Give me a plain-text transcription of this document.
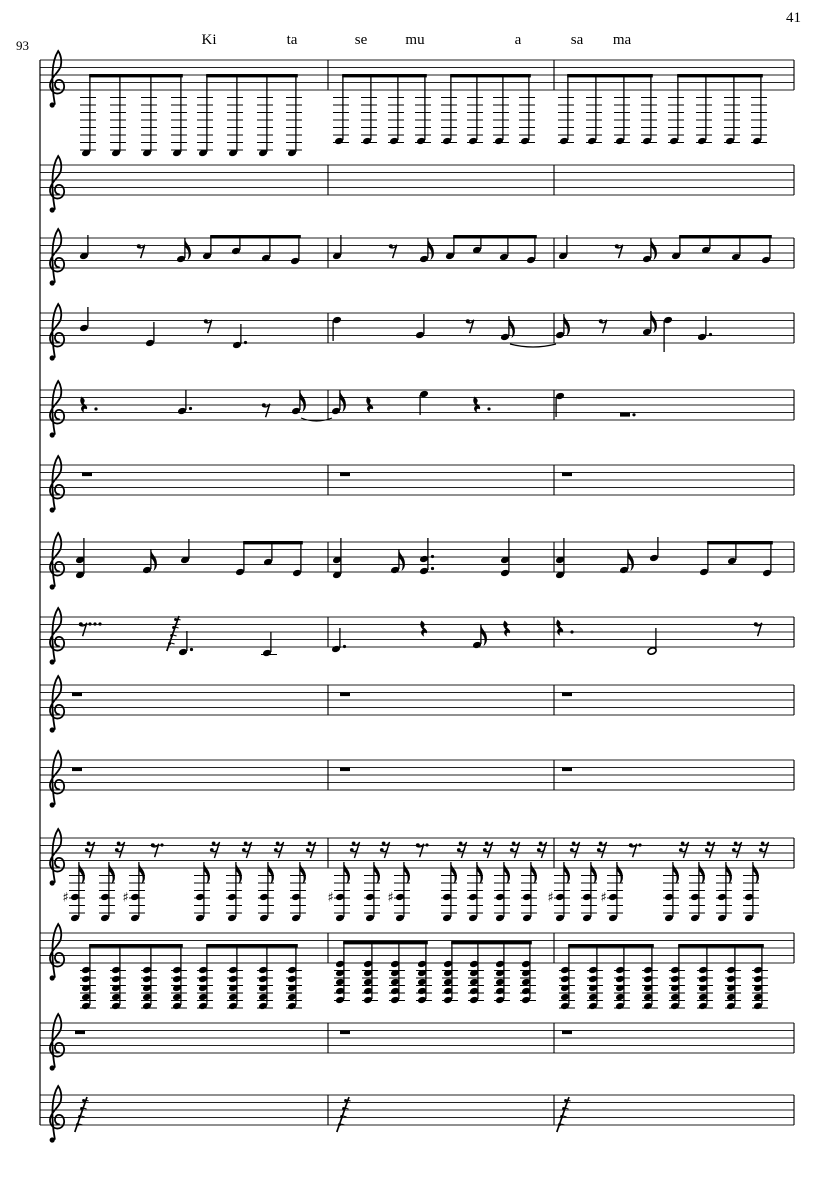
41
93
♯	♯	♯	♯	♯	♯
Ki	ta	se	mu	a	sa ma
